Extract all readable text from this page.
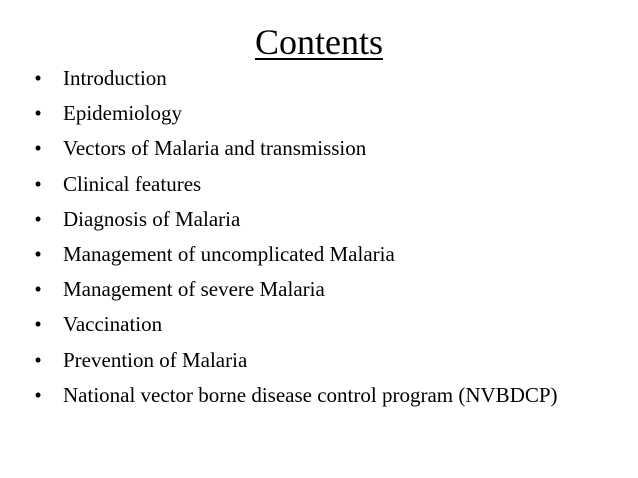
Contents
• Introduction
• Epidemiology
• Vectors of Malaria and transmission
• Clinical features
• Diagnosis of Malaria
• Management of uncomplicated Malaria
• Management of severe Malaria
• Vaccination
• Prevention of Malaria
• National vector borne disease control program (NVBDCP)
